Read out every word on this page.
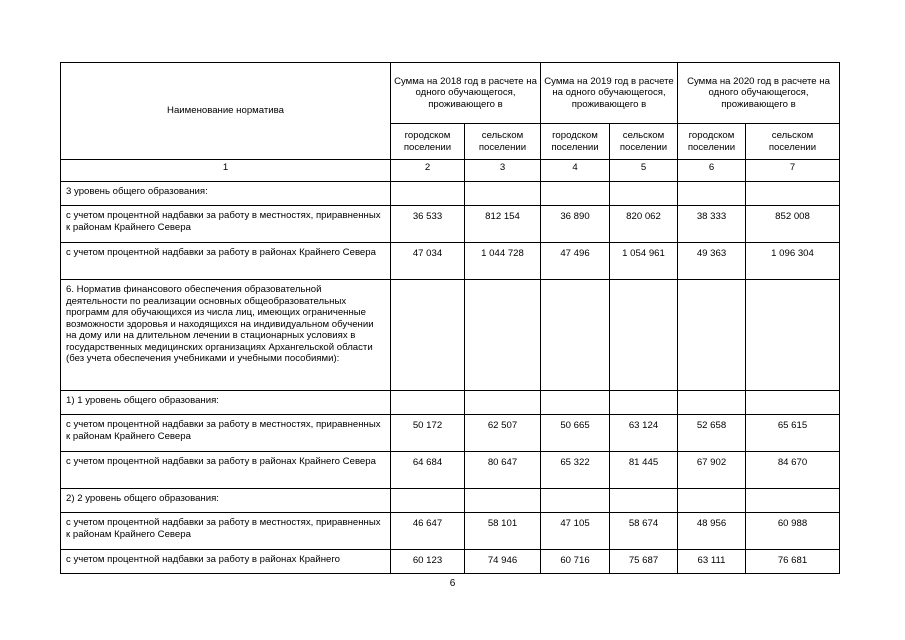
Наименование норматива	Сумма на 2018 год в расчете на одного обучающегося, проживающего в		Сумма на 2019 год в расчете на одного обучающегося, проживающего в		Сумма на 2020 год в расчете на одного обучающегося, проживающего в	
	городском поселении	сельском поселении	городском поселении	сельском поселении	городском поселении	сельском поселении
1	2	3	4	5	6	7
3 уровень общего образования:						
с учетом процентной надбавки за работу в местностях, приравненных к районам Крайнего Севера	36 533	812 154	36 890	820 062	38 333	852 008
с учетом процентной надбавки за работу в районах Крайнего Севера	47 034	1 044 728	47 496	1 054 961	49 363	1 096 304
6. Норматив финансового обеспечения образовательной деятельности по реализации основных общеобразовательных программ для обучающихся из числа лиц, имеющих ограниченные возможности здоровья и находящихся на индивидуальном обучении на дому или на длительном лечении в стационарных условиях в государственных медицинских организациях Архангельской области (без учета обеспечения учебниками и учебными пособиями):						
1) 1 уровень общего образования:						
с учетом процентной надбавки за работу в местностях, приравненных к районам Крайнего Севера	50 172	62 507	50 665	63 124	52 658	65 615
с учетом процентной надбавки за работу в районах Крайнего Севера	64 684	80 647	65 322	81 445	67 902	84 670
2) 2 уровень общего образования:						
с учетом процентной надбавки за работу в местностях, приравненных к районам Крайнего Севера	46 647	58 101	47 105	58 674	48 956	60 988
с учетом процентной надбавки за работу в районах Крайнего	60 123	74 946	60 716	75 687	63 111	76 681
6
